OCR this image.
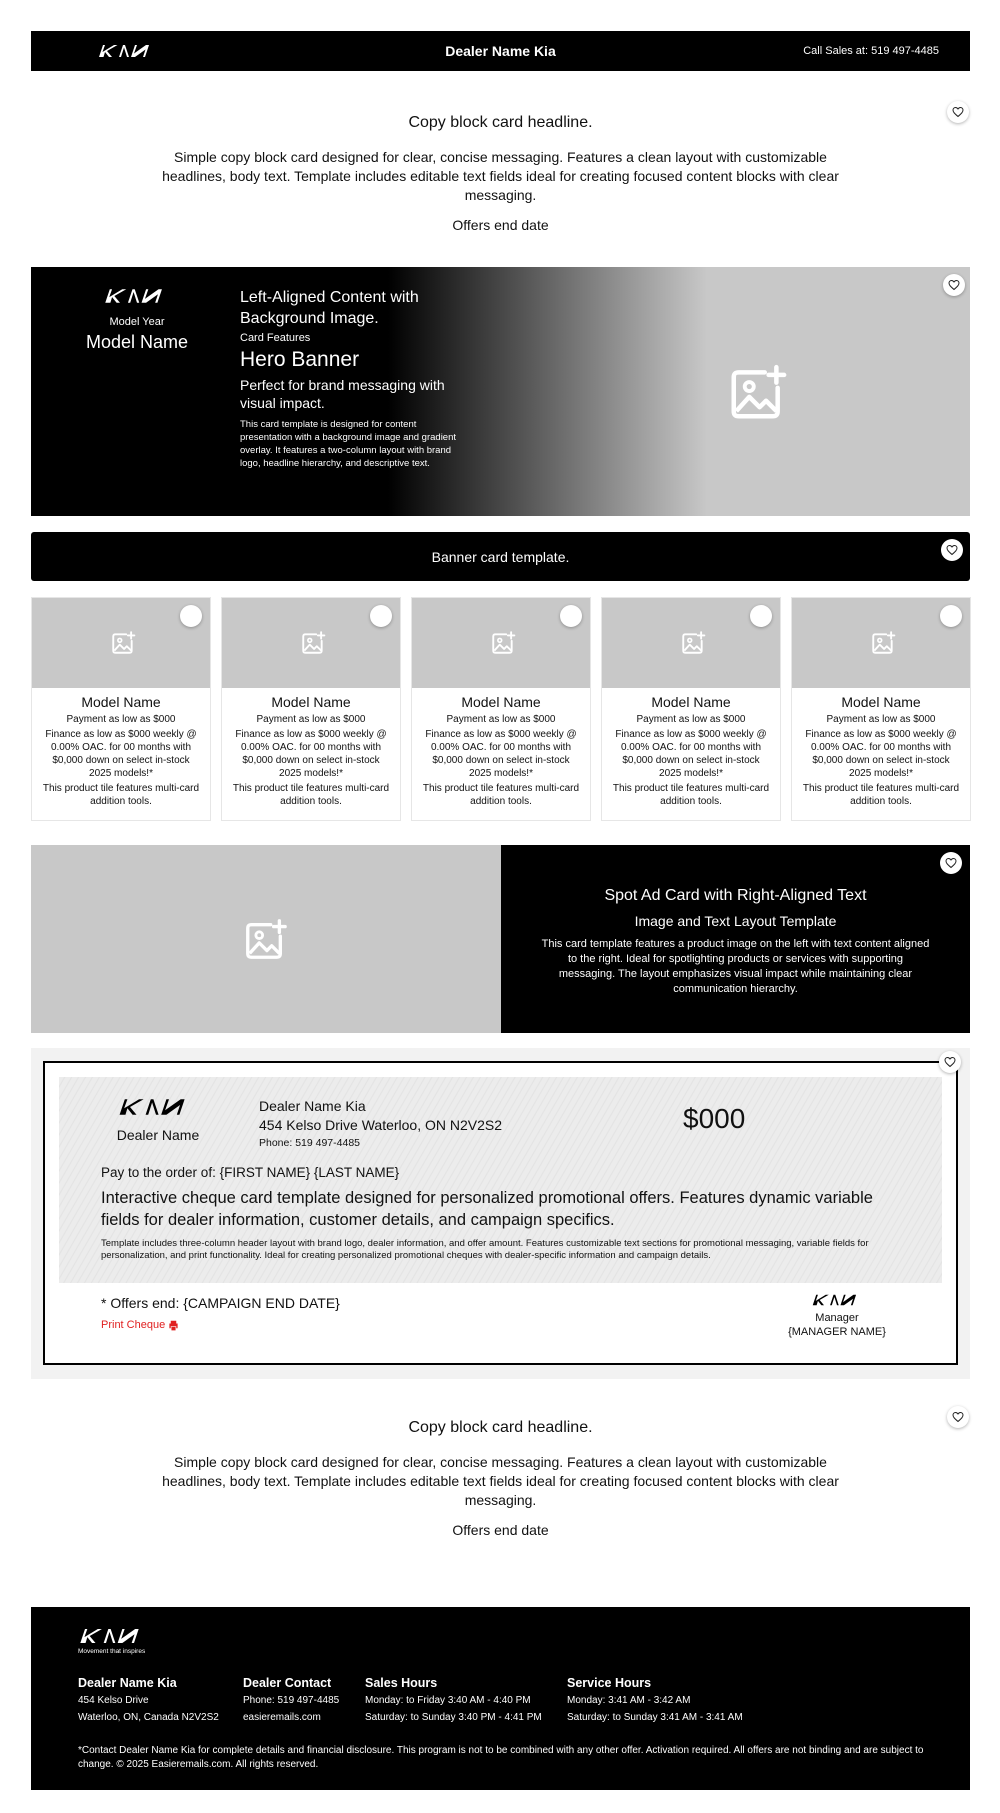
Dealer Name Kia	Call Sales at: 519 497-4485
Copy block card headline.

Simple copy block card designed for clear, concise messaging. Features a clean layout with customizable headlines, body text. Template includes editable text fields ideal for creating focused content blocks with clear messaging.

Offers end date

Model Year
Model Name
Left-Aligned Content with Background Image.
Card Features
Hero Banner
Perfect for brand messaging with visual impact.
This card template is designed for content presentation with a background image and gradient overlay. It features a two-column layout with brand logo, headline hierarchy, and descriptive text.
Banner card template.
Model Name
Payment as low as $000
Finance as low as $000 weekly @ 0.00% OAC. for 00 months with $0,000 down on select in-stock 2025 models!*
This product tile features multi-card addition tools.
Model Name
Payment as low as $000
Finance as low as $000 weekly @ 0.00% OAC. for 00 months with $0,000 down on select in-stock 2025 models!*
This product tile features multi-card addition tools.
Model Name
Payment as low as $000
Finance as low as $000 weekly @ 0.00% OAC. for 00 months with $0,000 down on select in-stock 2025 models!*
This product tile features multi-card addition tools.
Model Name
Payment as low as $000
Finance as low as $000 weekly @ 0.00% OAC. for 00 months with $0,000 down on select in-stock 2025 models!*
This product tile features multi-card addition tools.
Model Name
Payment as low as $000
Finance as low as $000 weekly @ 0.00% OAC. for 00 months with $0,000 down on select in-stock 2025 models!*
This product tile features multi-card addition tools.
Spot Ad Card with Right-Aligned Text
Image and Text Layout Template
This card template features a product image on the left with text content aligned to the right. Ideal for spotlighting products or services with supporting messaging. The layout emphasizes visual impact while maintaining clear communication hierarchy.
Dealer Name
Dealer Name Kia
454 Kelso Drive Waterloo, ON N2V2S2
Phone: 519 497-4485
$000
Pay to the order of: {FIRST NAME} {LAST NAME}
Interactive cheque card template designed for personalized promotional offers. Features dynamic variable fields for dealer information, customer details, and campaign specifics.
Template includes three-column header layout with brand logo, dealer information, and offer amount. Features customizable text sections for promotional messaging, variable fields for personalization, and print functionality. Ideal for creating personalized promotional cheques with dealer-specific information and campaign details.
* Offers end: {CAMPAIGN END DATE}
Print Cheque
Manager
{MANAGER NAME}
Copy block card headline.

Simple copy block card designed for clear, concise messaging. Features a clean layout with customizable headlines, body text. Template includes editable text fields ideal for creating focused content blocks with clear messaging.

Offers end date

Movement that inspires
Dealer Name Kia
454 Kelso Drive
Waterloo, ON, Canada N2V2S2
Dealer Contact
Phone: 519 497-4485
easieremails.com
Sales Hours
Monday: to Friday 3:40 AM - 4:40 PM
Saturday: to Sunday 3:40 PM - 4:41 PM
Service Hours
Monday: 3:41 AM - 3:42 AM
Saturday: to Sunday 3:41 AM - 3:41 AM
*Contact Dealer Name Kia for complete details and financial disclosure. This program is not to be combined with any other offer. Activation required. All offers are not binding and are subject to change. © 2025 Easieremails.com. All rights reserved.
